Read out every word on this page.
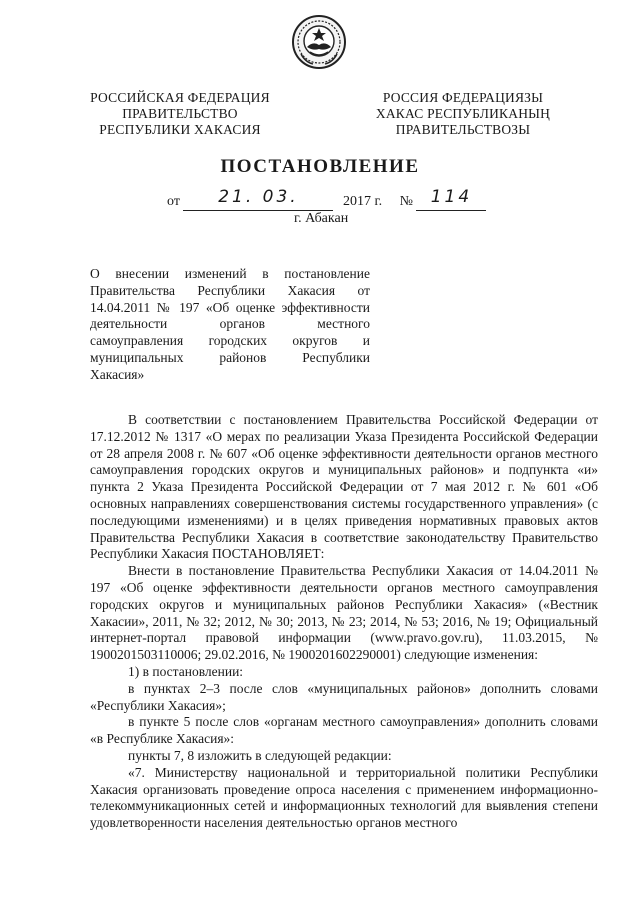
РОССИЙСКАЯ ФЕДЕРАЦИЯ
ПРАВИТЕЛЬСТВО
РЕСПУБЛИКИ ХАКАСИЯ
РОССИЯ ФЕДЕРАЦИЯЗЫ
ХАКАС РЕСПУБЛИКАНЫҢ
ПРАВИТЕЛЬСТВОЗЫ
ПОСТАНОВЛЕНИЕ
от 21. 03.	2017 г. № 114
г. Абакан
О внесении изменений в постановление
Правительства Республики Хакасия от
14.04.2011 № 197 «Об оценке эффективности
деятельности органов местного
самоуправления городских округов и
муниципальных районов Республики
Хакасия»

В соответствии с постановлением Правительства Российской Федерации от 17.12.2012 № 1317 «О мерах по реализации Указа Президента Российской Федерации от 28 апреля 2008 г. № 607 «Об оценке эффективности деятельности органов местного самоуправления городских округов и муниципальных районов» и подпункта «и» пункта 2 Указа Президента Российской Федерации от 7 мая 2012 г. № 601 «Об основных направлениях совершенствования системы государственного управления» (с последующими изменениями) и в целях приведения нормативных правовых актов Правительства Республики Хакасия в соответствие законодательству Правительство Республики Хакасия ПОСТАНОВЛЯЕТ:

Внести в постановление Правительства Республики Хакасия от 14.04.2011 № 197 «Об оценке эффективности деятельности органов местного самоуправления городских округов и муниципальных районов Республики Хакасия» («Вестник Хакасии», 2011, № 32; 2012, № 30; 2013, № 23; 2014, № 53; 2016, № 19; Официальный интернет-портал правовой информации (www.pravo.gov.ru), 11.03.2015, № 1900201503110006; 29.02.2016, № 1900201602290001) следующие изменения:

1) в постановлении:

в пунктах 2–3 после слов «муниципальных районов» дополнить словами «Республики Хакасия»;

в пункте 5 после слов «органам местного самоуправления» дополнить словами «в Республике Хакасия»:

пункты 7, 8 изложить в следующей редакции:

«7. Министерству национальной и территориальной политики Республики Хакасия организовать проведение опроса населения с применением информационно-телекоммуникационных сетей и информационных технологий для выявления степени удовлетворенности населения деятельностью органов местного
